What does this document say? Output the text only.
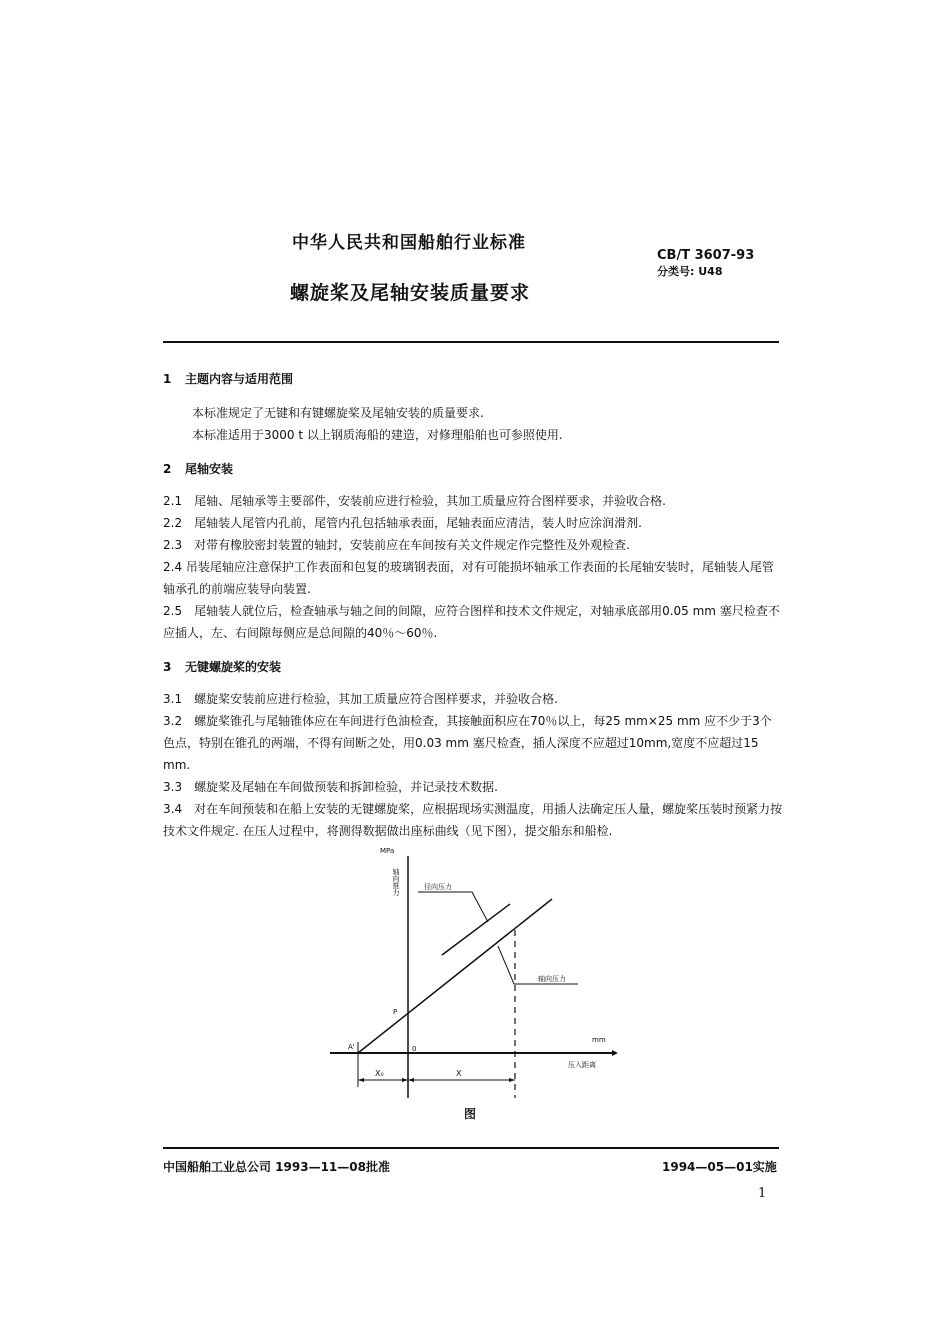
中华人民共和国船舶行业标准
CB/T 3607-93
分类号: U48
螺旋桨及尾轴安装质量要求
1 主题内容与适用范围
本标准规定了无键和有键螺旋桨及尾轴安装的质量要求.
本标准适用于3000 t 以上钢质海船的建造，对修理船舶也可参照使用.
2 尾轴安装
2.1　尾轴、尾轴承等主要部件，安装前应进行检验，其加工质量应符合图样要求，并验收合格.
2.2　尾轴装人尾管内孔前，尾管内孔包括轴承表面，尾轴表面应清洁，装人时应涂润滑剂.
2.3　对带有橡胶密封装置的轴封，安装前应在车间按有关文件规定作完整性及外观检查.
2.4 吊装尾轴应注意保护工作表面和包复的玻璃钢表面，对有可能损坏轴承工作表面的长尾轴安装时，尾轴装人尾管轴承孔的前端应装导向装置.
2.5　尾轴装人就位后，检查轴承与轴之间的间隙，应符合图样和技术文件规定，对轴承底部用0.05 mm 塞尺检查不应插人，左、右间隙每侧应是总间隙的40％～60％.
3 无键螺旋桨的安装
3.1　螺旋桨安装前应进行检验，其加工质量应符合图样要求，并验收合格.
3.2　螺旋桨锥孔与尾轴锥体应在车间进行色油检查，其接触面积应在70％以上，每25 mm×25 mm 应不少于3个色点，特别在锥孔的两端，不得有间断之处，用0.03 mm 塞尺检查，插人深度不应超过10mm,宽度不应超过15 mm.
3.3　螺旋桨及尾轴在车间做预装和拆卸检验，并记录技术数据.
3.4　对在车间预装和在船上安装的无键螺旋桨，应根据现场实测温度，用插人法确定压人量，螺旋桨压装时预紧力按技术文件规定. 在压人过程中，将测得数据做出座标曲线（见下图），提交船东和船检.
MPa
轴向推力
mm
压入距离
径向压力
轴向压力
X₀	X
P
A'	0
图
中国船舶工业总公司 1993—11—08批准	1994—05—01实施
1
